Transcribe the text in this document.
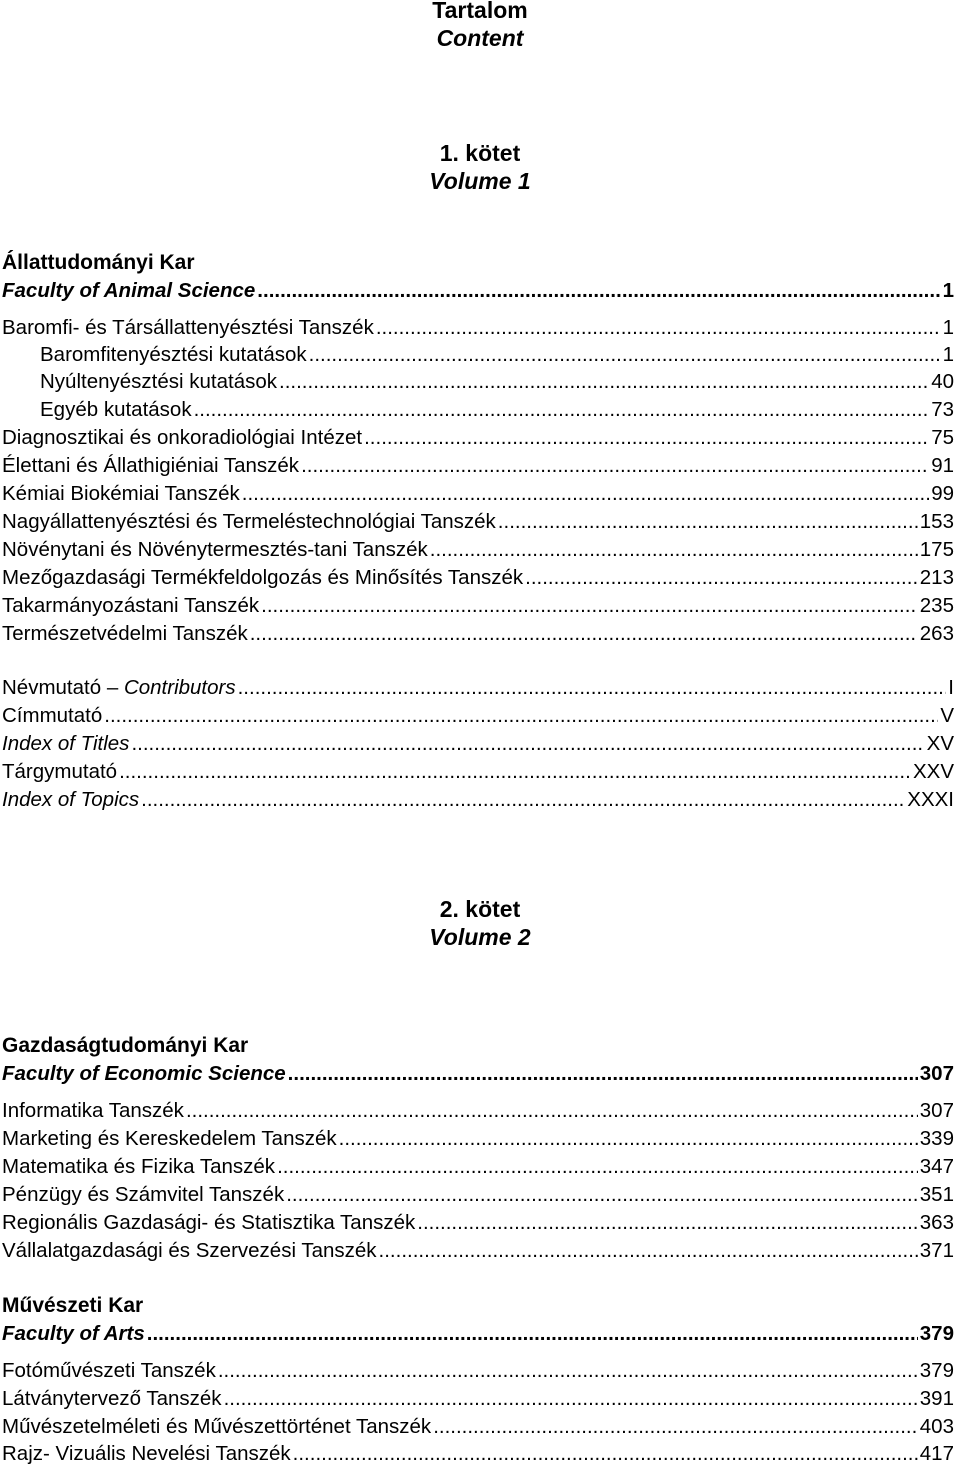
Tartalom
Content
1. kötet
Volume 1
Állattudományi Kar
Faculty of Animal Science .....	1
Baromfi- és Társállattenyésztési Tanszék .....	1
Baromfitenyésztési kutatások .....	1
Nyúltenyésztési kutatások .....	40
Egyéb kutatások .....	73
Diagnosztikai és onkoradiológiai Intézet .....	75
Élettani és Állathigiéniai Tanszék .....	91
Kémiai Biokémiai Tanszék .....	99
Nagyállattenyésztési és Termeléstechnológiai Tanszék .....	153
Növénytani és Növénytermesztés-tani Tanszék .....	175
Mezőgazdasági Termékfeldolgozás és Minősítés Tanszék .....	213
Takarmányozástani Tanszék .....	235
Természetvédelmi Tanszék .....	263
Névmutató – Contributors .....	I
Címmutató .....	V
Index of Titles .....	XV
Tárgymutató .....	XXV
Index of Topics .....	XXXI
2. kötet
Volume 2
Gazdaságtudományi Kar
Faculty of Economic Science .....	307
Informatika Tanszék .....	307
Marketing és Kereskedelem Tanszék .....	339
Matematika és Fizika Tanszék .....	347
Pénzügy és Számvitel Tanszék .....	351
Regionális Gazdasági- és Statisztika Tanszék .....	363
Vállalatgazdasági és Szervezési Tanszék .....	371
Művészeti Kar
Faculty of Arts .....	379
Fotóművészeti Tanszék .....	379
Látványtervező Tanszék .....	391
Művészetelméleti és Művészettörténet Tanszék .....	403
Rajz- Vizuális Nevelési Tanszék .....	417
